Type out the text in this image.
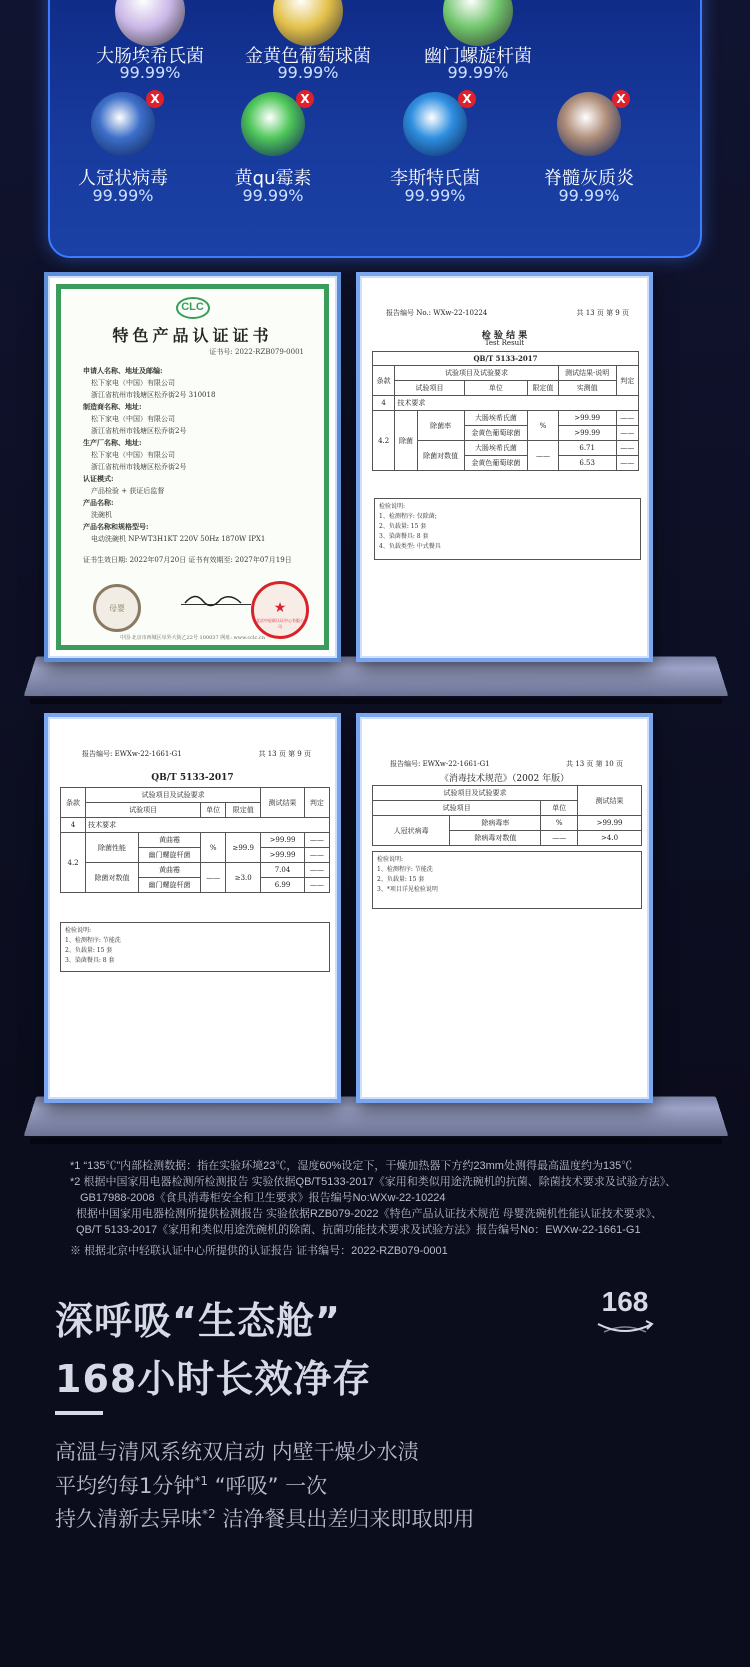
大肠埃希氏菌
99.99%
金黄色葡萄球菌
99.99%
幽门螺旋杆菌
99.99%
X
人冠状病毒
99.99%
X
黄qu霉素
99.99%
X
李斯特氏菌
99.99%
X
脊髓灰质炎
99.99%
CLC
特色产品认证证书
证书号: 2022-RZB079-0001
申请人名称、地址及邮编:
松下家电（中国）有限公司
浙江省杭州市钱塘区松乔街2号 310018
制造商名称、地址:
松下家电（中国）有限公司
浙江省杭州市钱塘区松乔街2号
生产厂名称、地址:
松下家电（中国）有限公司
浙江省杭州市钱塘区松乔街2号
认证模式:
产品检验 + 获证后监督
产品名称:
洗碗机
产品名称和规格型号:
电动洗碗机 NP-WT3H1KT 220V 50Hz 1870W IPX1
证书生效日期: 2022年07月20日 证书有效期至: 2027年07月19日
母婴	★
北京中轻联认证中心有限公司
中国·北京市西城区阜外大街乙22号 100037 网址: www.cclc.cn
报告编号 No.: WXw-22-10224	共 13 页 第 9 页
检 验 结 果
Test Result
QB/T 5133-2017						
条款	试验项目及试验要求				测试结果·说明	判定
	试验项目		单位	限定值	实测值	
4	技术要求					
4.2	除菌	除菌率	大肠埃希氏菌	%	>99.99	——
			金黄色葡萄球菌		>99.99	——
		除菌对数值	大肠埃希氏菌	——	6.71	——
			金黄色葡萄球菌		6.53	——
检验说明:
1、检测程序: 仅除菌;
2、负载量: 15 套
3、染菌餐具: 8 套
4、负载类型: 中式餐具
报告编号: EWXw-22-1661-G1	共 13 页 第 9 页
QB/T 5133-2017
条款	试验项目及试验要求				测试结果	判定
	试验项目		单位	限定值		
4	技术要求					
4.2	除菌性能	黄曲霉	%	≥99.9	>99.99	——
		幽门螺旋杆菌			>99.99	——
	除菌对数值	黄曲霉	——	≥3.0	7.04	——
		幽门螺旋杆菌			6.99	——
检验说明:
1、检测程序: 节能洗
2、负载量: 15 套
3、染菌餐具: 8 套
报告编号: EWXw-22-1661-G1	共 13 页 第 10 页
《消毒技术规范》（2002 年版）
试验项目及试验要求			测试结果
试验项目		单位	
人冠状病毒	除病毒率	%	>99.99
	除病毒对数值	——	>4.0
检验说明:
1、检测程序: 节能洗
2、负载量: 15 套
3、*项目详见检验说明
*1 “135℃”内部检测数据：指在实验环境23℃，湿度60%设定下，干燥加热器下方约23mm处测得最高温度约为135℃
*2 根据中国家用电器检测所检测报告 实验依据QB/T5133-2017《家用和类似用途洗碗机的抗菌、除菌技术要求及试验方法》、
GB17988-2008《食具消毒柜安全和卫生要求》报告编号No:WXw-22-10224
根据中国家用电器检测所提供检测报告 实验依据RZB079-2022《特色产品认证技术规范 母婴洗碗机性能认证技术要求》、
QB/T 5133-2017《家用和类似用途洗碗机的除菌、抗菌功能技术要求及试验方法》报告编号No：EWXw-22-1661-G1
※ 根据北京中轻联认证中心所提供的认证报告 证书编号：2022-RZB079-0001
深呼吸“生态舱”
168小时长效净存
168
高温与清风系统双启动 内壁干燥少水渍
平均约每1分钟$^{*1}$ “呼吸” 一次
持久清新去异味$^{*2}$ 洁净餐具出差归来即取即用
